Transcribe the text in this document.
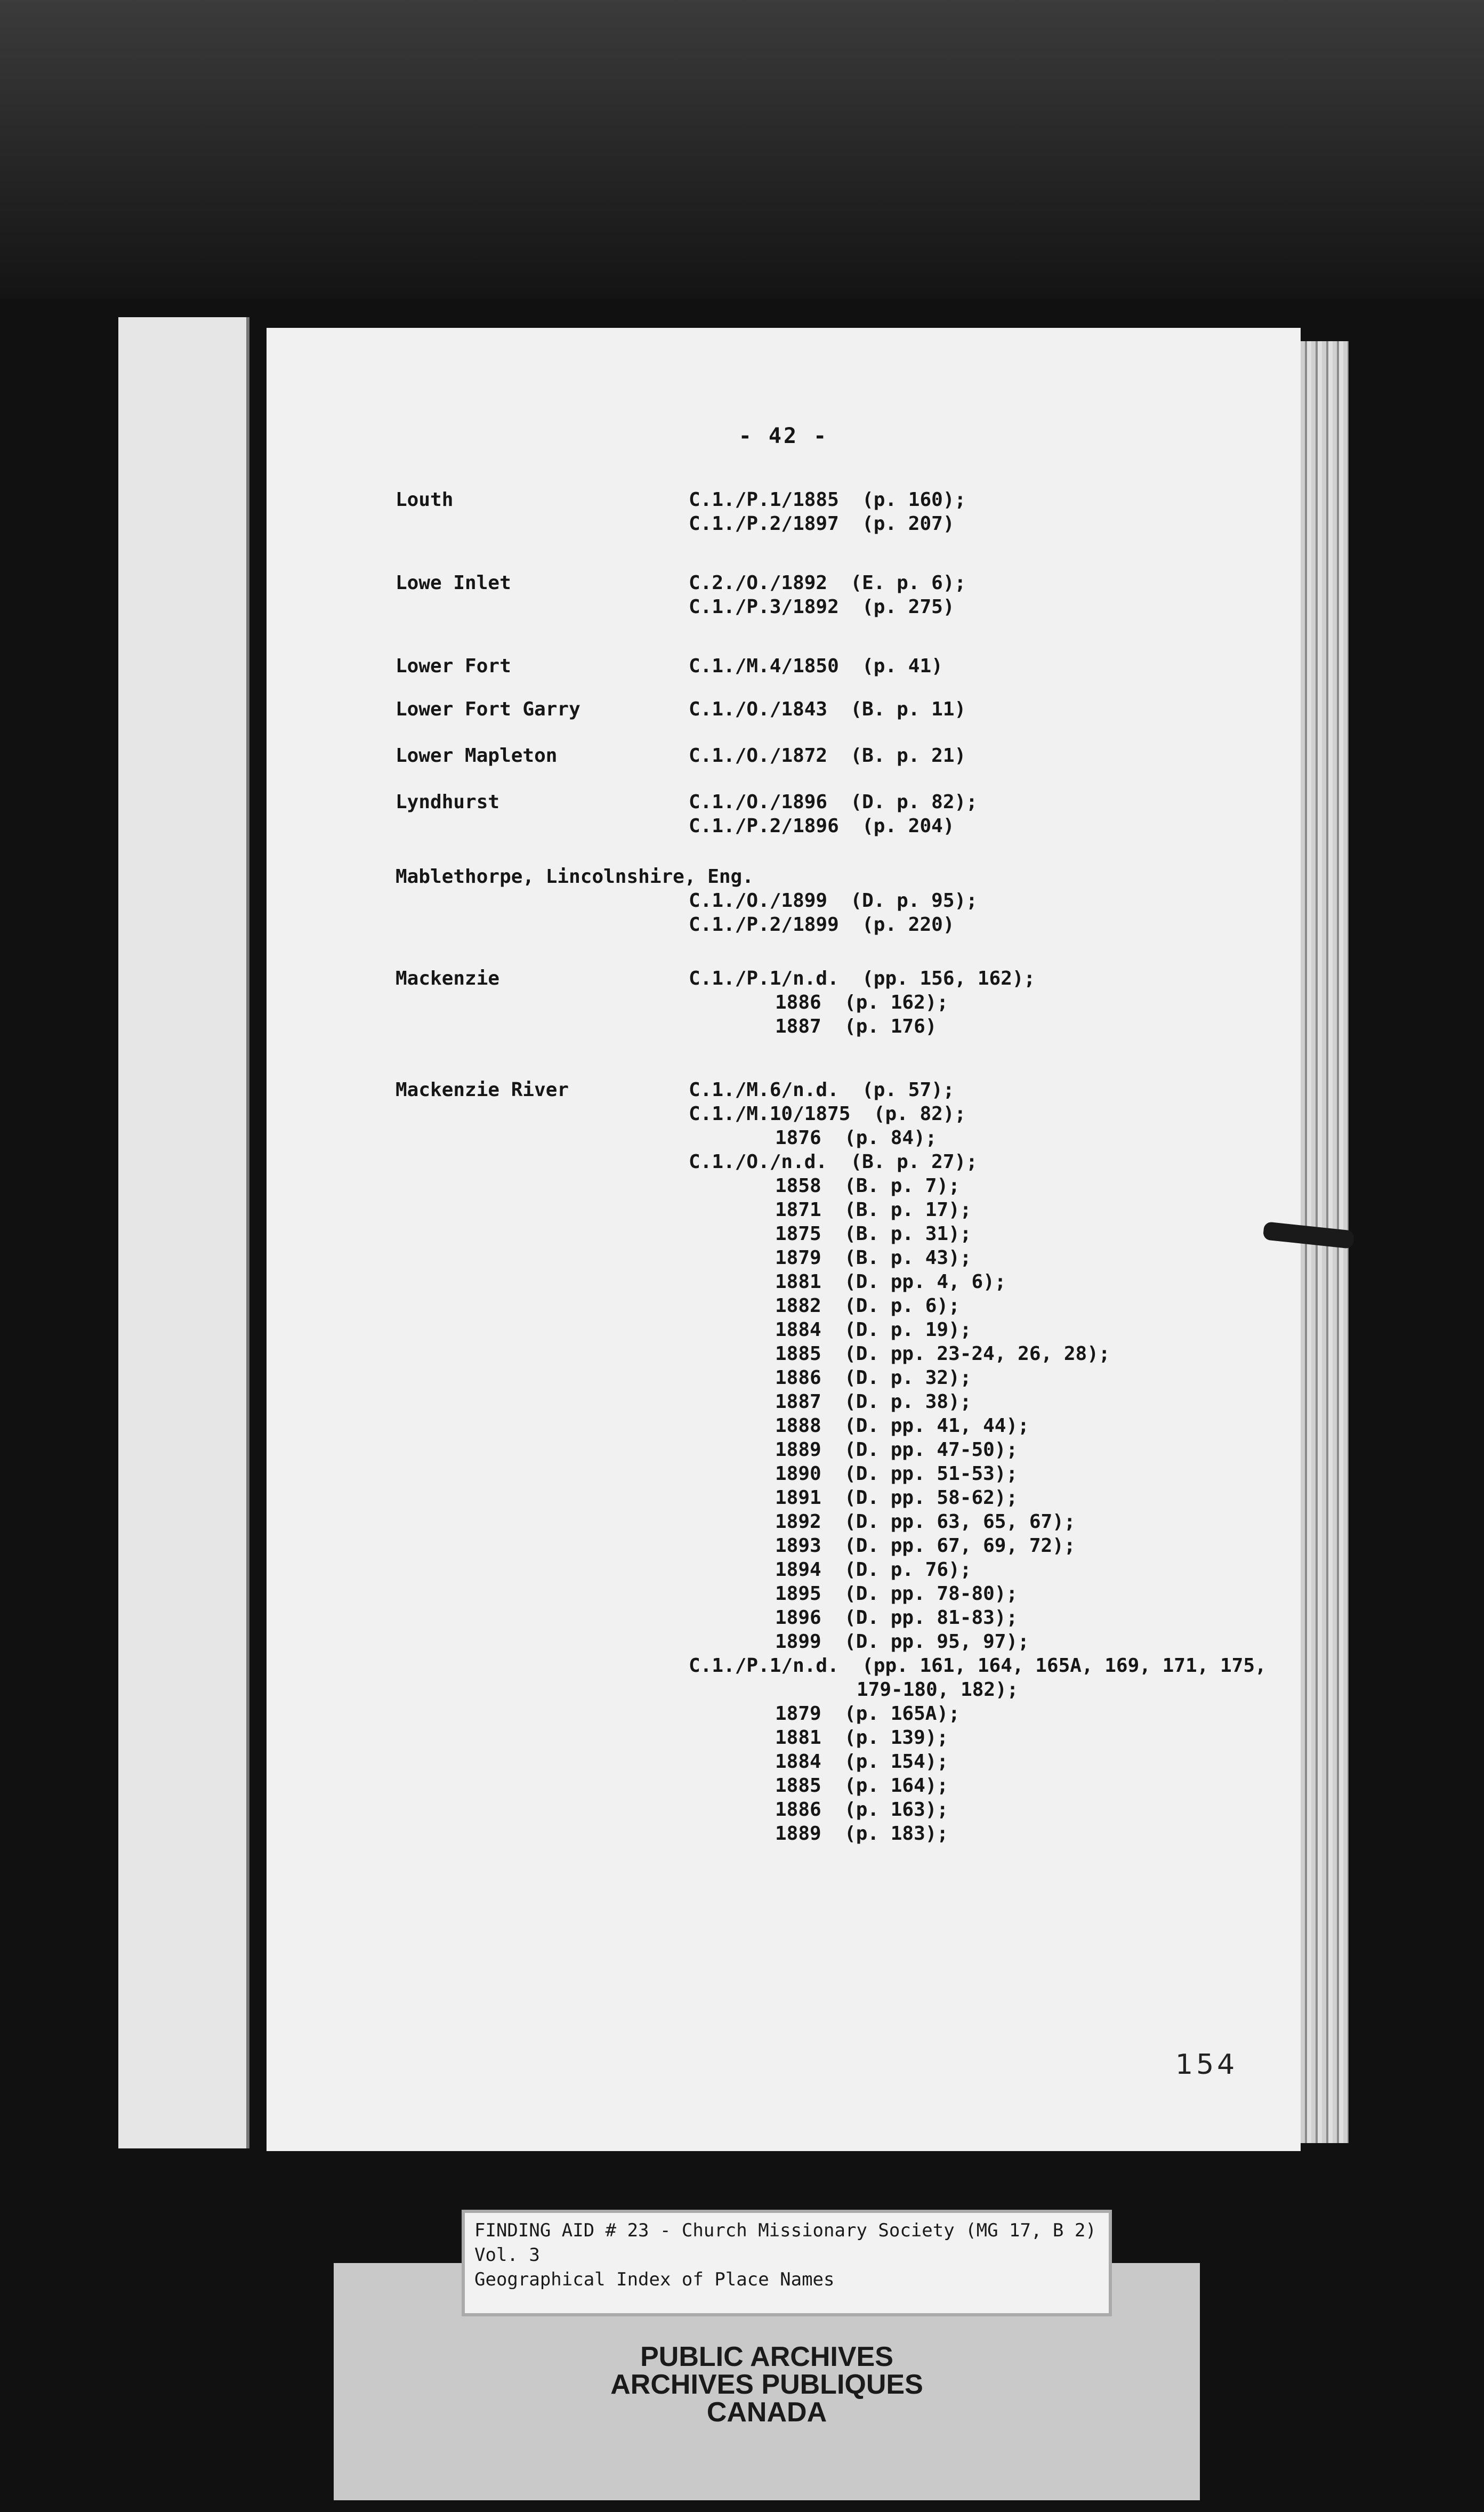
- 42 -
Louth	C.1./P.1/1885  (p. 160);
C.1./P.2/1897  (p. 207)
Lowe Inlet	C.2./O./1892  (E. p. 6);
C.1./P.3/1892  (p. 275)
Lower Fort	C.1./M.4/1850  (p. 41)
Lower Fort Garry	C.1./O./1843  (B. p. 11)
Lower Mapleton	C.1./O./1872  (B. p. 21)
Lyndhurst	C.1./O./1896  (D. p. 82);
C.1./P.2/1896  (p. 204)
Mablethorpe, Lincolnshire, Eng.
C.1./O./1899  (D. p. 95);
C.1./P.2/1899  (p. 220)
Mackenzie	C.1./P.1/n.d.  (pp. 156, 162);
1886  (p. 162);
1887  (p. 176)
Mackenzie River	C.1./M.6/n.d.  (p. 57);
C.1./M.10/1875  (p. 82);
1876  (p. 84);
C.1./O./n.d.  (B. p. 27);
1858  (B. p. 7);
1871  (B. p. 17);
1875  (B. p. 31);
1879  (B. p. 43);
1881  (D. pp. 4, 6);
1882  (D. p. 6);
1884  (D. p. 19);
1885  (D. pp. 23-24, 26, 28);
1886  (D. p. 32);
1887  (D. p. 38);
1888  (D. pp. 41, 44);
1889  (D. pp. 47-50);
1890  (D. pp. 51-53);
1891  (D. pp. 58-62);
1892  (D. pp. 63, 65, 67);
1893  (D. pp. 67, 69, 72);
1894  (D. p. 76);
1895  (D. pp. 78-80);
1896  (D. pp. 81-83);
1899  (D. pp. 95, 97);
C.1./P.1/n.d.  (pp. 161, 164, 165A, 169, 171, 175,
179-180, 182);
1879  (p. 165A);
1881  (p. 139);
1884  (p. 154);
1885  (p. 164);
1886  (p. 163);
1889  (p. 183);
154
PUBLIC ARCHIVES
ARCHIVES PUBLIQUES
CANADA
FINDING AID # 23 - Church Missionary Society (MG 17, B 2)
Vol. 3
Geographical Index of Place Names
